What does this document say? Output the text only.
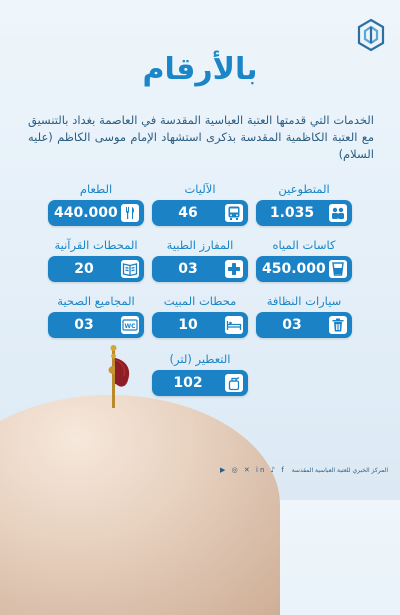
بالأرقام
الخدمات التي قدمتها العتبة العباسية المقدسة في العاصمة بغداد بالتنسيق مع العتبة الكاظمية المقدسة بذكرى استشهاد الإمام موسى الكاظم (عليه السلام)
المتطوعين
1.035
الآليات
46
الطعام
440.000
كاسات المياه
450.000
المفارز الطبية
03
المحطات القرآنية
20
سيارات النظافة
03
محطات المبيت
10
المجاميع الصحية
03	WC
التعطير (لتر)
102
المركز الخبري للعتبة العباسية المقدسة in ♪ f ✕ ◎ ▶
